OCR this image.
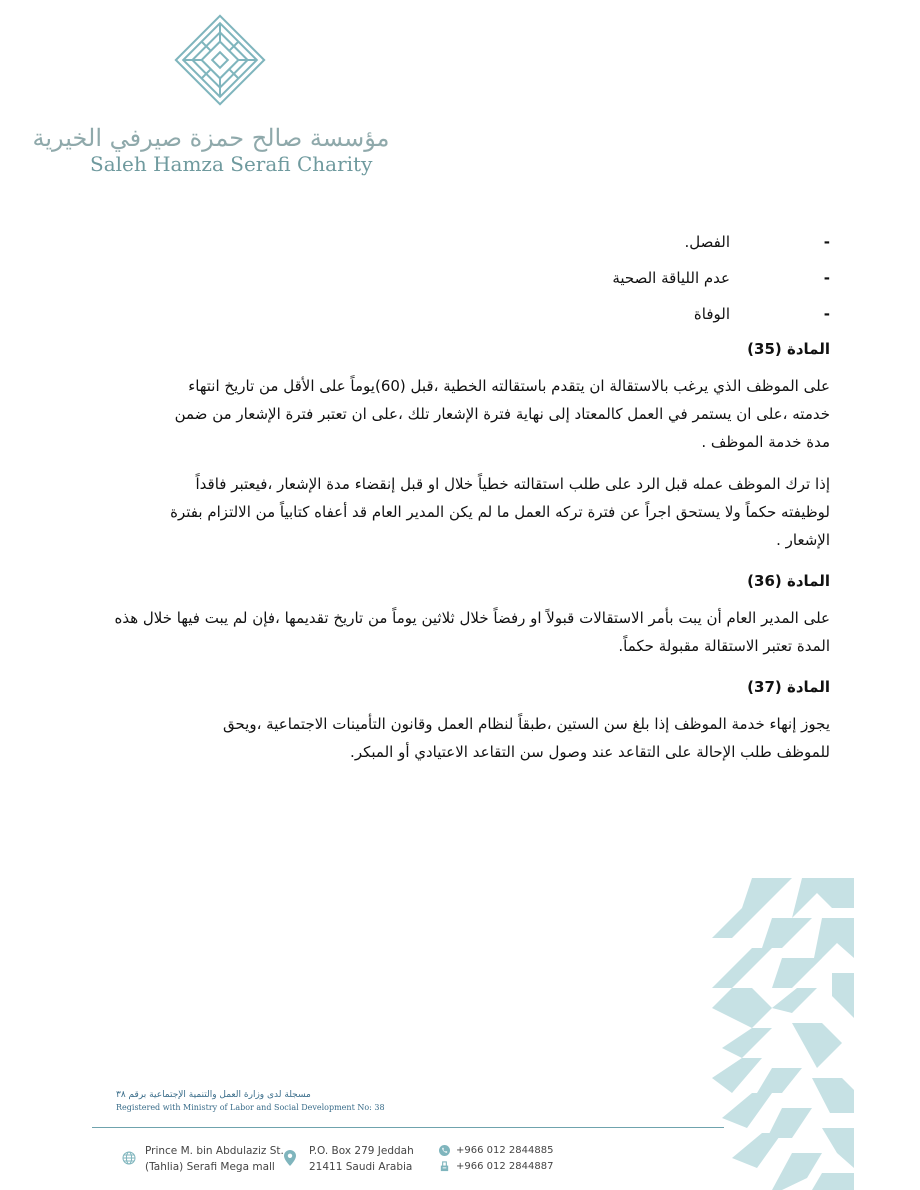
مؤسسة صالح حمزة صيرفي الخيرية
Saleh Hamza Serafi Charity
-
الفصل.
-
عدم اللياقة الصحية
-
الوفاة
المادة (35)

على الموظف الذي يرغب بالاستقالة ان يتقدم باستقالته الخطية ،قبل (60)يوماً على الأقل من تاريخ انتهاء خدمته ،على ان يستمر في العمل كالمعتاد إلى نهاية فترة الإشعار تلك ،على ان تعتبر فترة الإشعار من ضمن مدة خدمة الموظف .

إذا ترك الموظف عمله قبل الرد على طلب استقالته خطياً خلال او قبل إنقضاء مدة الإشعار ،فيعتبر فاقداً لوظيفته حكماً ولا يستحق اجراً عن فترة تركه العمل ما لم يكن المدير العام قد أعفاه كتابياً من الالتزام بفترة الإشعار .

المادة (36)

على المدير العام أن يبت بأمر الاستقالات قبولاً او رفضاً خلال ثلاثين يوماً من تاريخ تقديمها ،فإن لم يبت فيها خلال هذه المدة تعتبر الاستقالة مقبولة حكماً.

المادة (37)

يجوز إنهاء خدمة الموظف إذا بلغ سن الستين ،طبقاً لنظام العمل وقانون التأمينات الاجتماعية ،ويحق للموظف طلب الإحالة على التقاعد عند وصول سن التقاعد الاعتيادي أو المبكر.

مسجلة لدى وزارة العمل والتنمية الإجتماعية برقم ٣٨
Registered with Ministry of Labor and Social Development No: 38
Prince M. bin Abdulaziz St.
(Tahlia) Serafi Mega mall
P.O. Box 279 Jeddah
21411 Saudi Arabia
+966 012 2844885
+966 012 2844887
